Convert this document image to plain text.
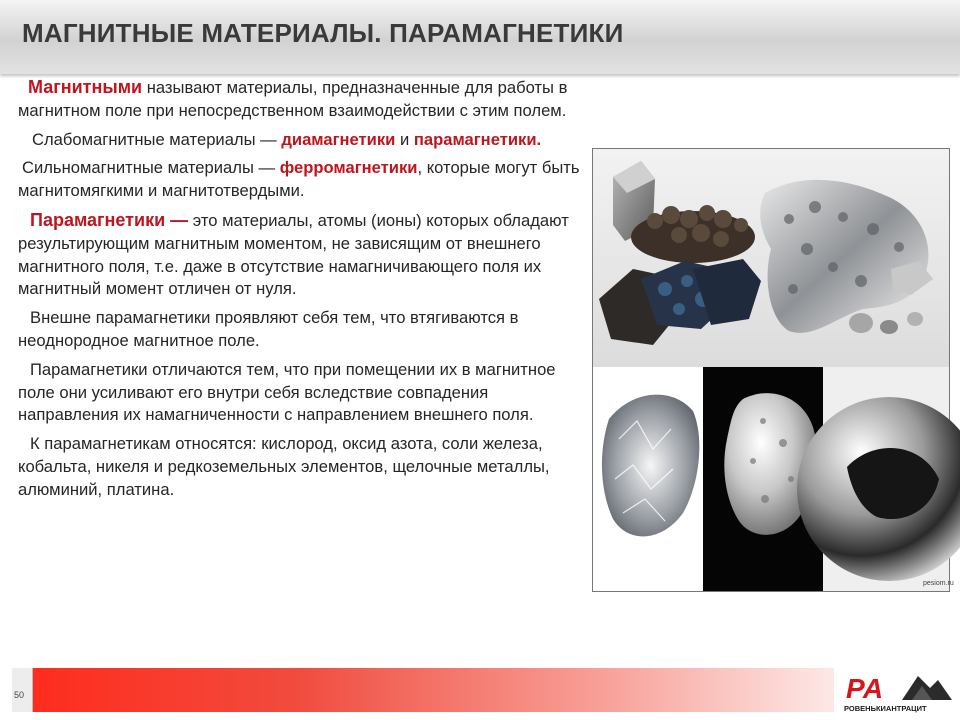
МАГНИТНЫЕ МАТЕРИАЛЫ. ПАРАМАГНЕТИКИ

Магнитными называют материалы, предназначенные для работы в магнитном поле при непосредственном взаимодействии с этим полем.

Слабомагнитные материалы — диамагнетики и парамагнетики.

Сильномагнитные материалы — ферромагнетики, которые могут быть магнитомягкими и магнитотвердыми.

Парамагнетики — это материалы, атомы (ионы) которых обладают результирующим магнитным моментом, не зависящим от внешнего магнитного поля, т.е. даже в отсутствие намагничивающего поля их магнитный момент отличен от нуля.

Внешне парамагнетики проявляют себя тем, что втягиваются в неоднородное магнитное поле.

Парамагнетики отличаются тем, что при помещении их в магнитное поле они усиливают его внутри себя вследствие совпадения направления их намагниченности с направлением внешнего поля.

К парамагнетикам относятся: кислород, оксид азота, соли железа, кобальта, никеля и редкоземельных элементов, щелочные металлы, алюминий, платина.

pesiom.ru
50	РА
РОВЕНЬКИАНТРАЦИТ
